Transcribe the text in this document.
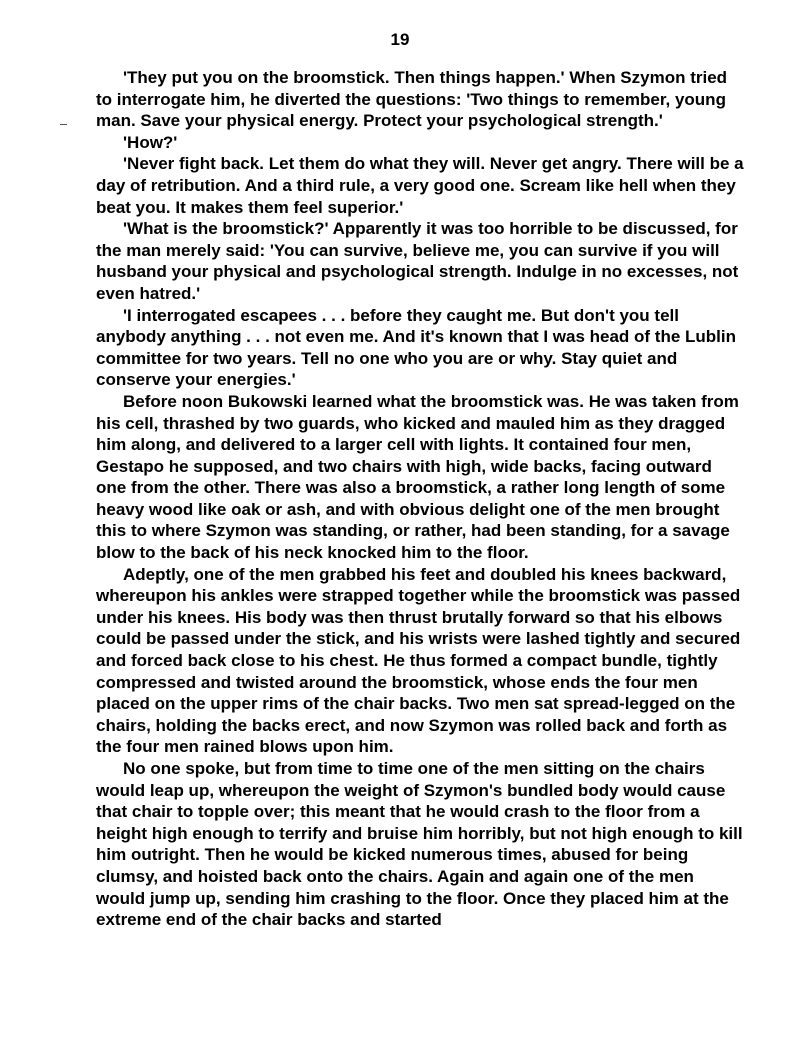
19

'They put you on the broomstick. Then things happen.' When Szymon tried to interrogate him, he diverted the questions: 'Two things to remember, young man. Save your physical energy. Protect your psychological strength.'

'How?'

'Never fight back. Let them do what they will. Never get angry. There will be a day of retribution. And a third rule, a very good one. Scream like hell when they beat you. It makes them feel superior.'

'What is the broomstick?' Apparently it was too horrible to be discussed, for the man merely said: 'You can survive, believe me, you can survive if you will husband your physical and psychological strength. Indulge in no excesses, not even hatred.'

'I interrogated escapees . . . before they caught me. But don't you tell anybody anything . . . not even me. And it's known that I was head of the Lublin committee for two years. Tell no one who you are or why. Stay quiet and conserve your energies.'

Before noon Bukowski learned what the broomstick was. He was taken from his cell, thrashed by two guards, who kicked and mauled him as they dragged him along, and delivered to a larger cell with lights. It contained four men, Gestapo he supposed, and two chairs with high, wide backs, facing outward one from the other. There was also a broomstick, a rather long length of some heavy wood like oak or ash, and with obvious delight one of the men brought this to where Szymon was standing, or rather, had been standing, for a savage blow to the back of his neck knocked him to the floor.

Adeptly, one of the men grabbed his feet and doubled his knees backward, whereupon his ankles were strapped together while the broomstick was passed under his knees. His body was then thrust brutally forward so that his elbows could be passed under the stick, and his wrists were lashed tightly and secured and forced back close to his chest. He thus formed a compact bundle, tightly compressed and twisted around the broomstick, whose ends the four men placed on the upper rims of the chair backs. Two men sat spread-legged on the chairs, holding the backs erect, and now Szymon was rolled back and forth as the four men rained blows upon him.

No one spoke, but from time to time one of the men sitting on the chairs would leap up, whereupon the weight of Szymon's bundled body would cause that chair to topple over; this meant that he would crash to the floor from a height high enough to terrify and bruise him horribly, but not high enough to kill him outright. Then he would be kicked numerous times, abused for being clumsy, and hoisted back onto the chairs. Again and again one of the men would jump up, sending him crashing to the floor. Once they placed him at the extreme end of the chair backs and started
